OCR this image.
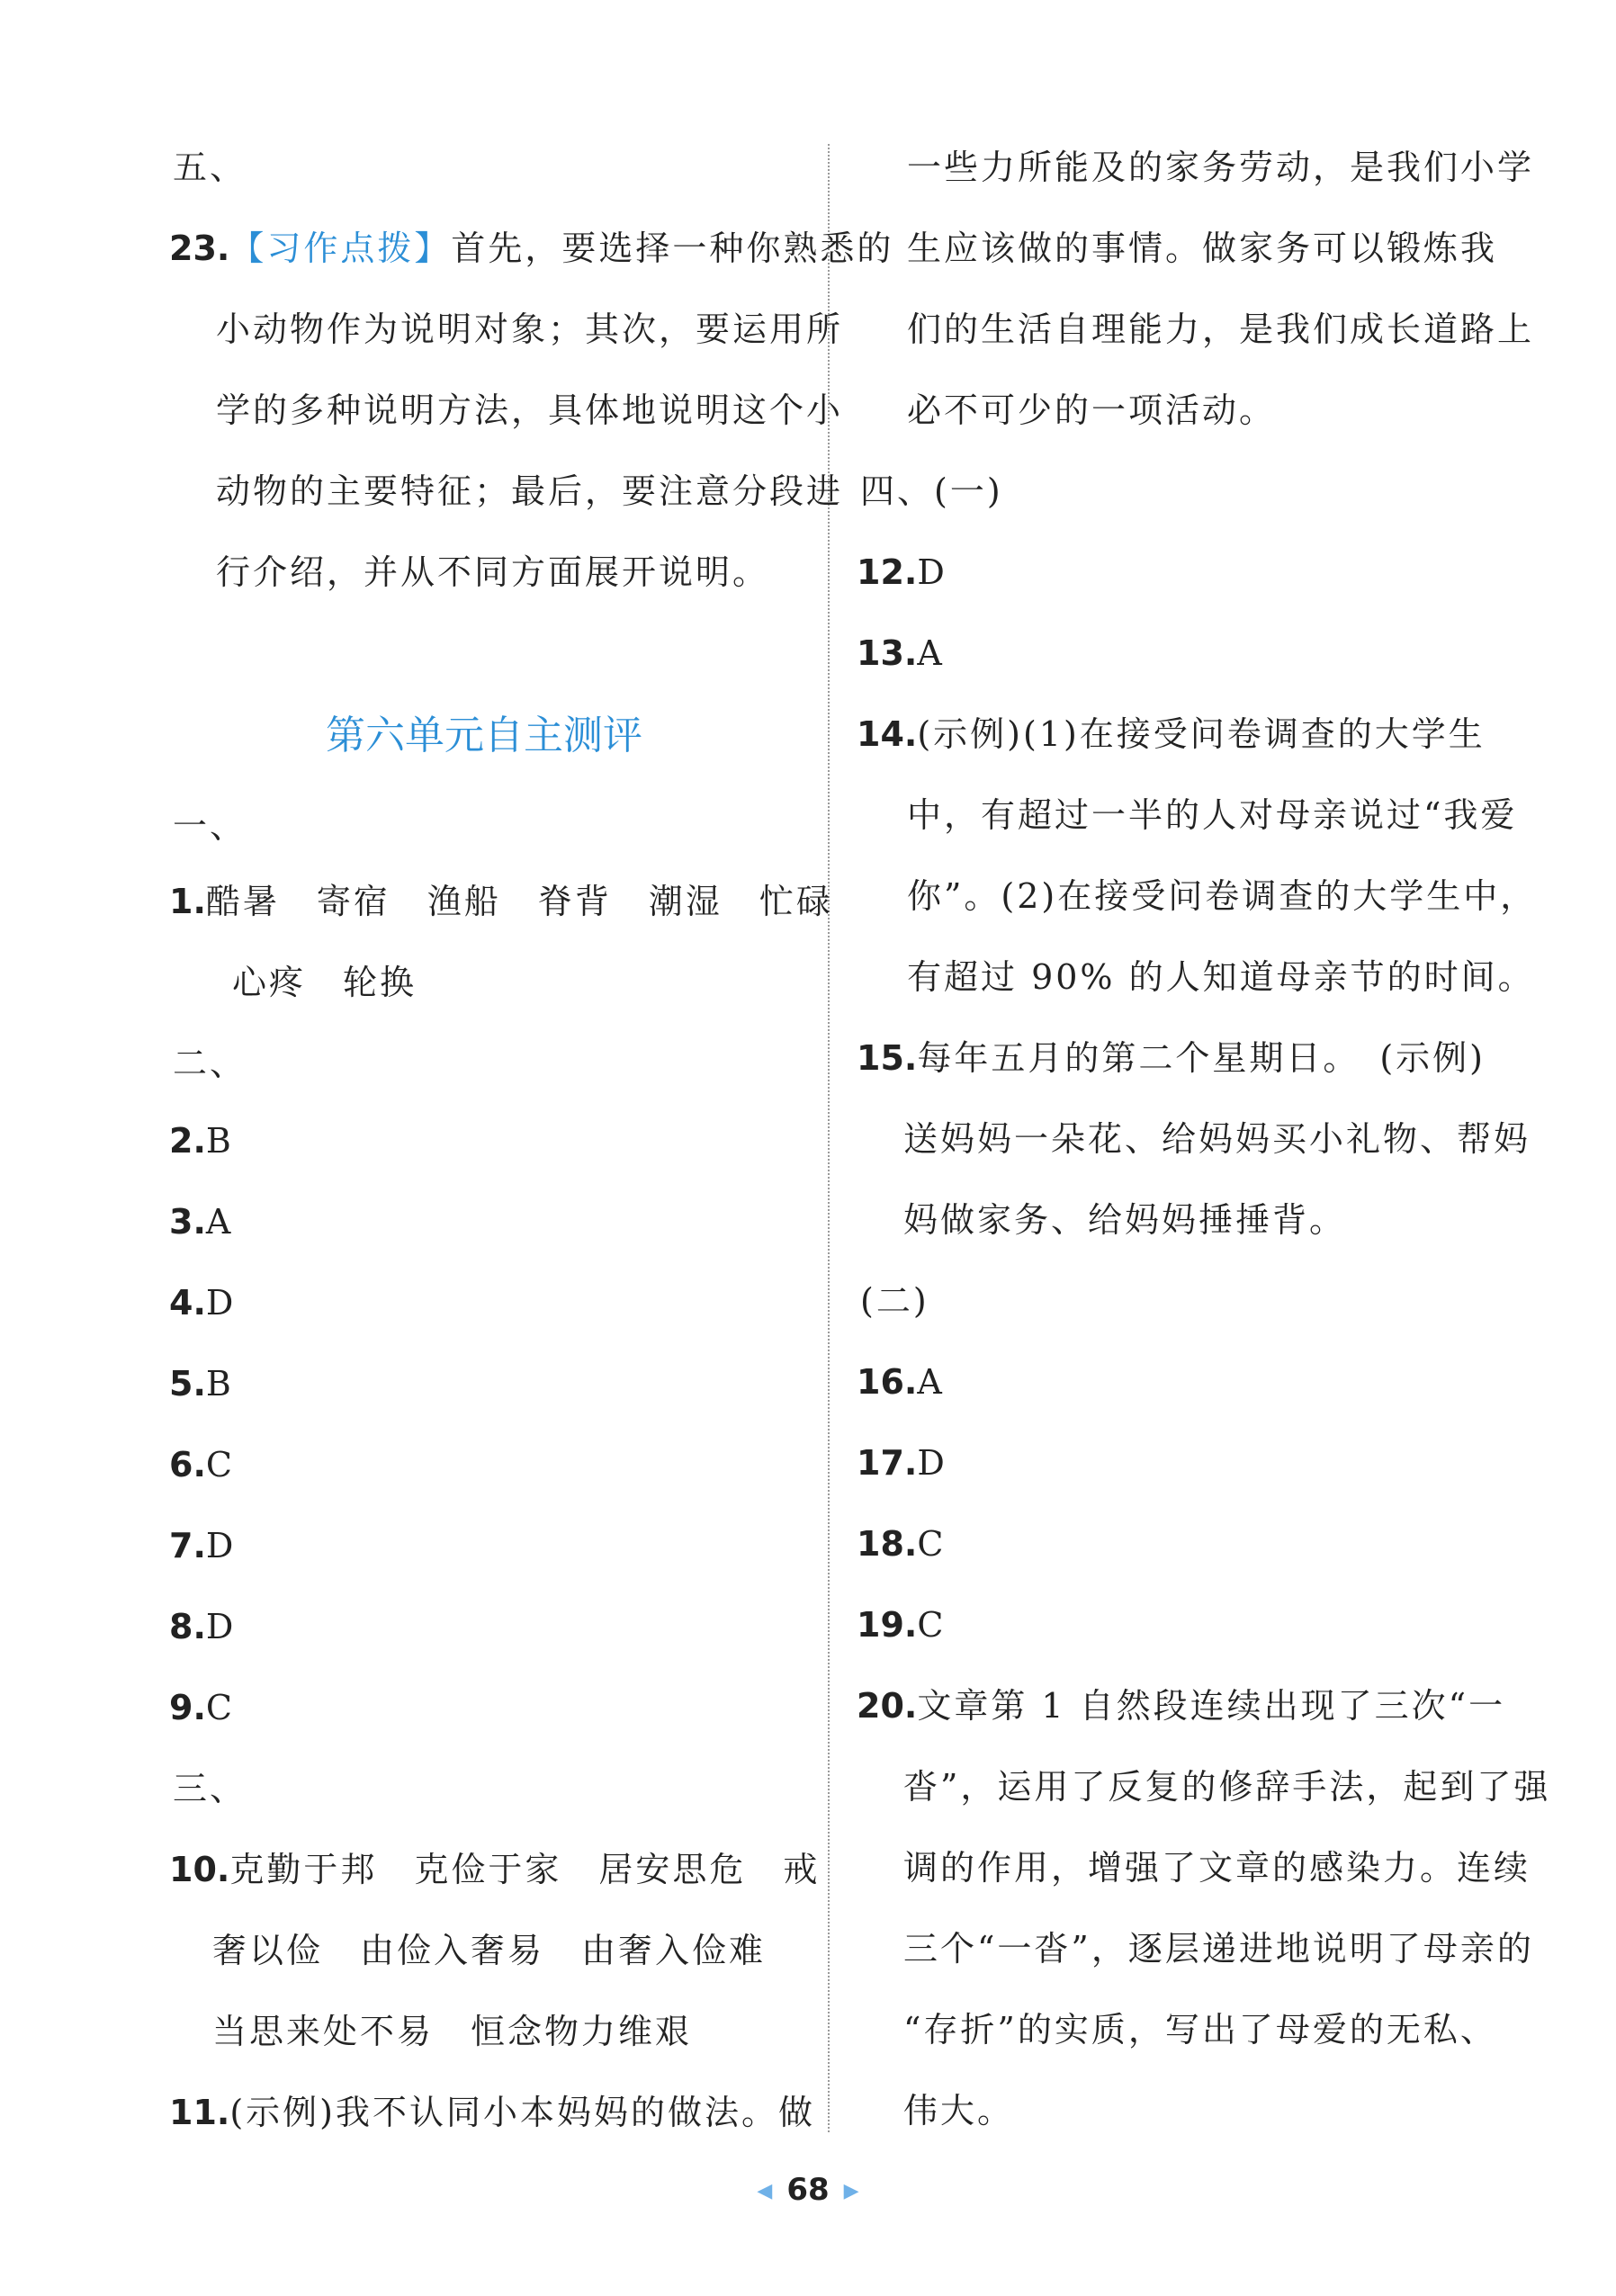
五、
23.【习作点拨】首先，要选择一种你熟悉的
小动物作为说明对象；其次，要运用所
学的多种说明方法，具体地说明这个小
动物的主要特征；最后，要注意分段进
行介绍，并从不同方面展开说明。
第六单元自主测评
一、
1.酷暑　寄宿　渔船　脊背　潮湿　忙碌
心疼　轮换
二、
2.B
3.A
4.D
5.B
6.C
7.D
8.D
9.C
三、
10.克勤于邦　克俭于家　居安思危　戒
奢以俭　由俭入奢易　由奢入俭难
当思来处不易　恒念物力维艰
11.(示例)我不认同小本妈妈的做法。做
一些力所能及的家务劳动，是我们小学
生应该做的事情。做家务可以锻炼我
们的生活自理能力，是我们成长道路上
必不可少的一项活动。
四、(一)
12.D
13.A
14.(示例)(1)在接受问卷调查的大学生
中，有超过一半的人对母亲说过“我爱
你”。(2)在接受问卷调查的大学生中，
有超过 90% 的人知道母亲节的时间。
15.每年五月的第二个星期日。　(示例)
送妈妈一朵花、给妈妈买小礼物、帮妈
妈做家务、给妈妈捶捶背。
(二)
16.A
17.D
18.C
19.C
20.文章第 1 自然段连续出现了三次“一
沓”，运用了反复的修辞手法，起到了强
调的作用，增强了文章的感染力。连续
三个“一沓”，逐层递进地说明了母亲的
“存折”的实质，写出了母爱的无私、
伟大。
◀ 68 ▶
